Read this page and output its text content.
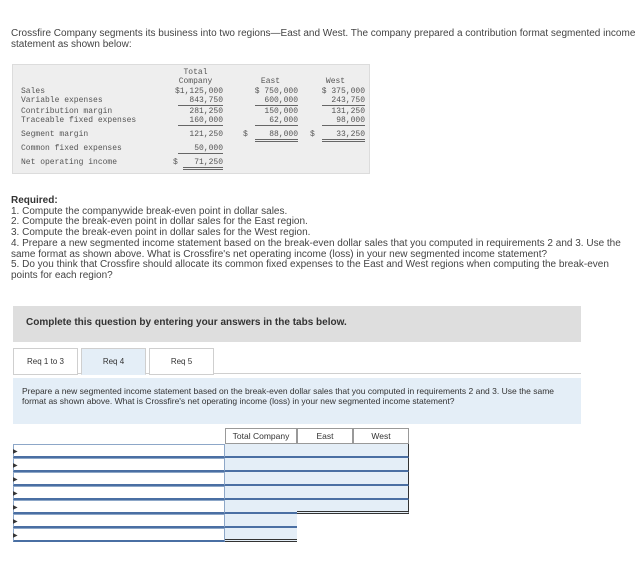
Crossfire Company segments its business into two regions—East and West. The company prepared a contribution format segmented income statement as shown below:
Total
Company	East	West
Sales	$1,125,000	$ 750,000	$ 375,000
Variable expenses	843,750	600,000	243,750
Contribution margin	281,250	150,000	131,250
Traceable fixed expenses	160,000	62,000	98,000
Segment margin	121,250	$	88,000 $	33,250
Common fixed expenses	50,000
Net operating income	$	71,250
Required:
1. Compute the companywide break-even point in dollar sales.
2. Compute the break-even point in dollar sales for the East region.
3. Compute the break-even point in dollar sales for the West region.
4. Prepare a new segmented income statement based on the break-even dollar sales that you computed in requirements 2 and 3. Use the same format as shown above. What is Crossfire's net operating income (loss) in your new segmented income statement?
5. Do you think that Crossfire should allocate its common fixed expenses to the East and West regions when computing the break-even points for each region?
Complete this question by entering your answers in the tabs below.
Req 1 to 3	Req 4	Req 5

Prepare a new segmented income statement based on the break-even dollar sales that you computed in requirements 2 and 3. Use the same format as shown above. What is Crossfire's net operating income (loss) in your new segmented income statement?

Total Company	East	West
▶
▶
▶
▶
▶
▶
▶
